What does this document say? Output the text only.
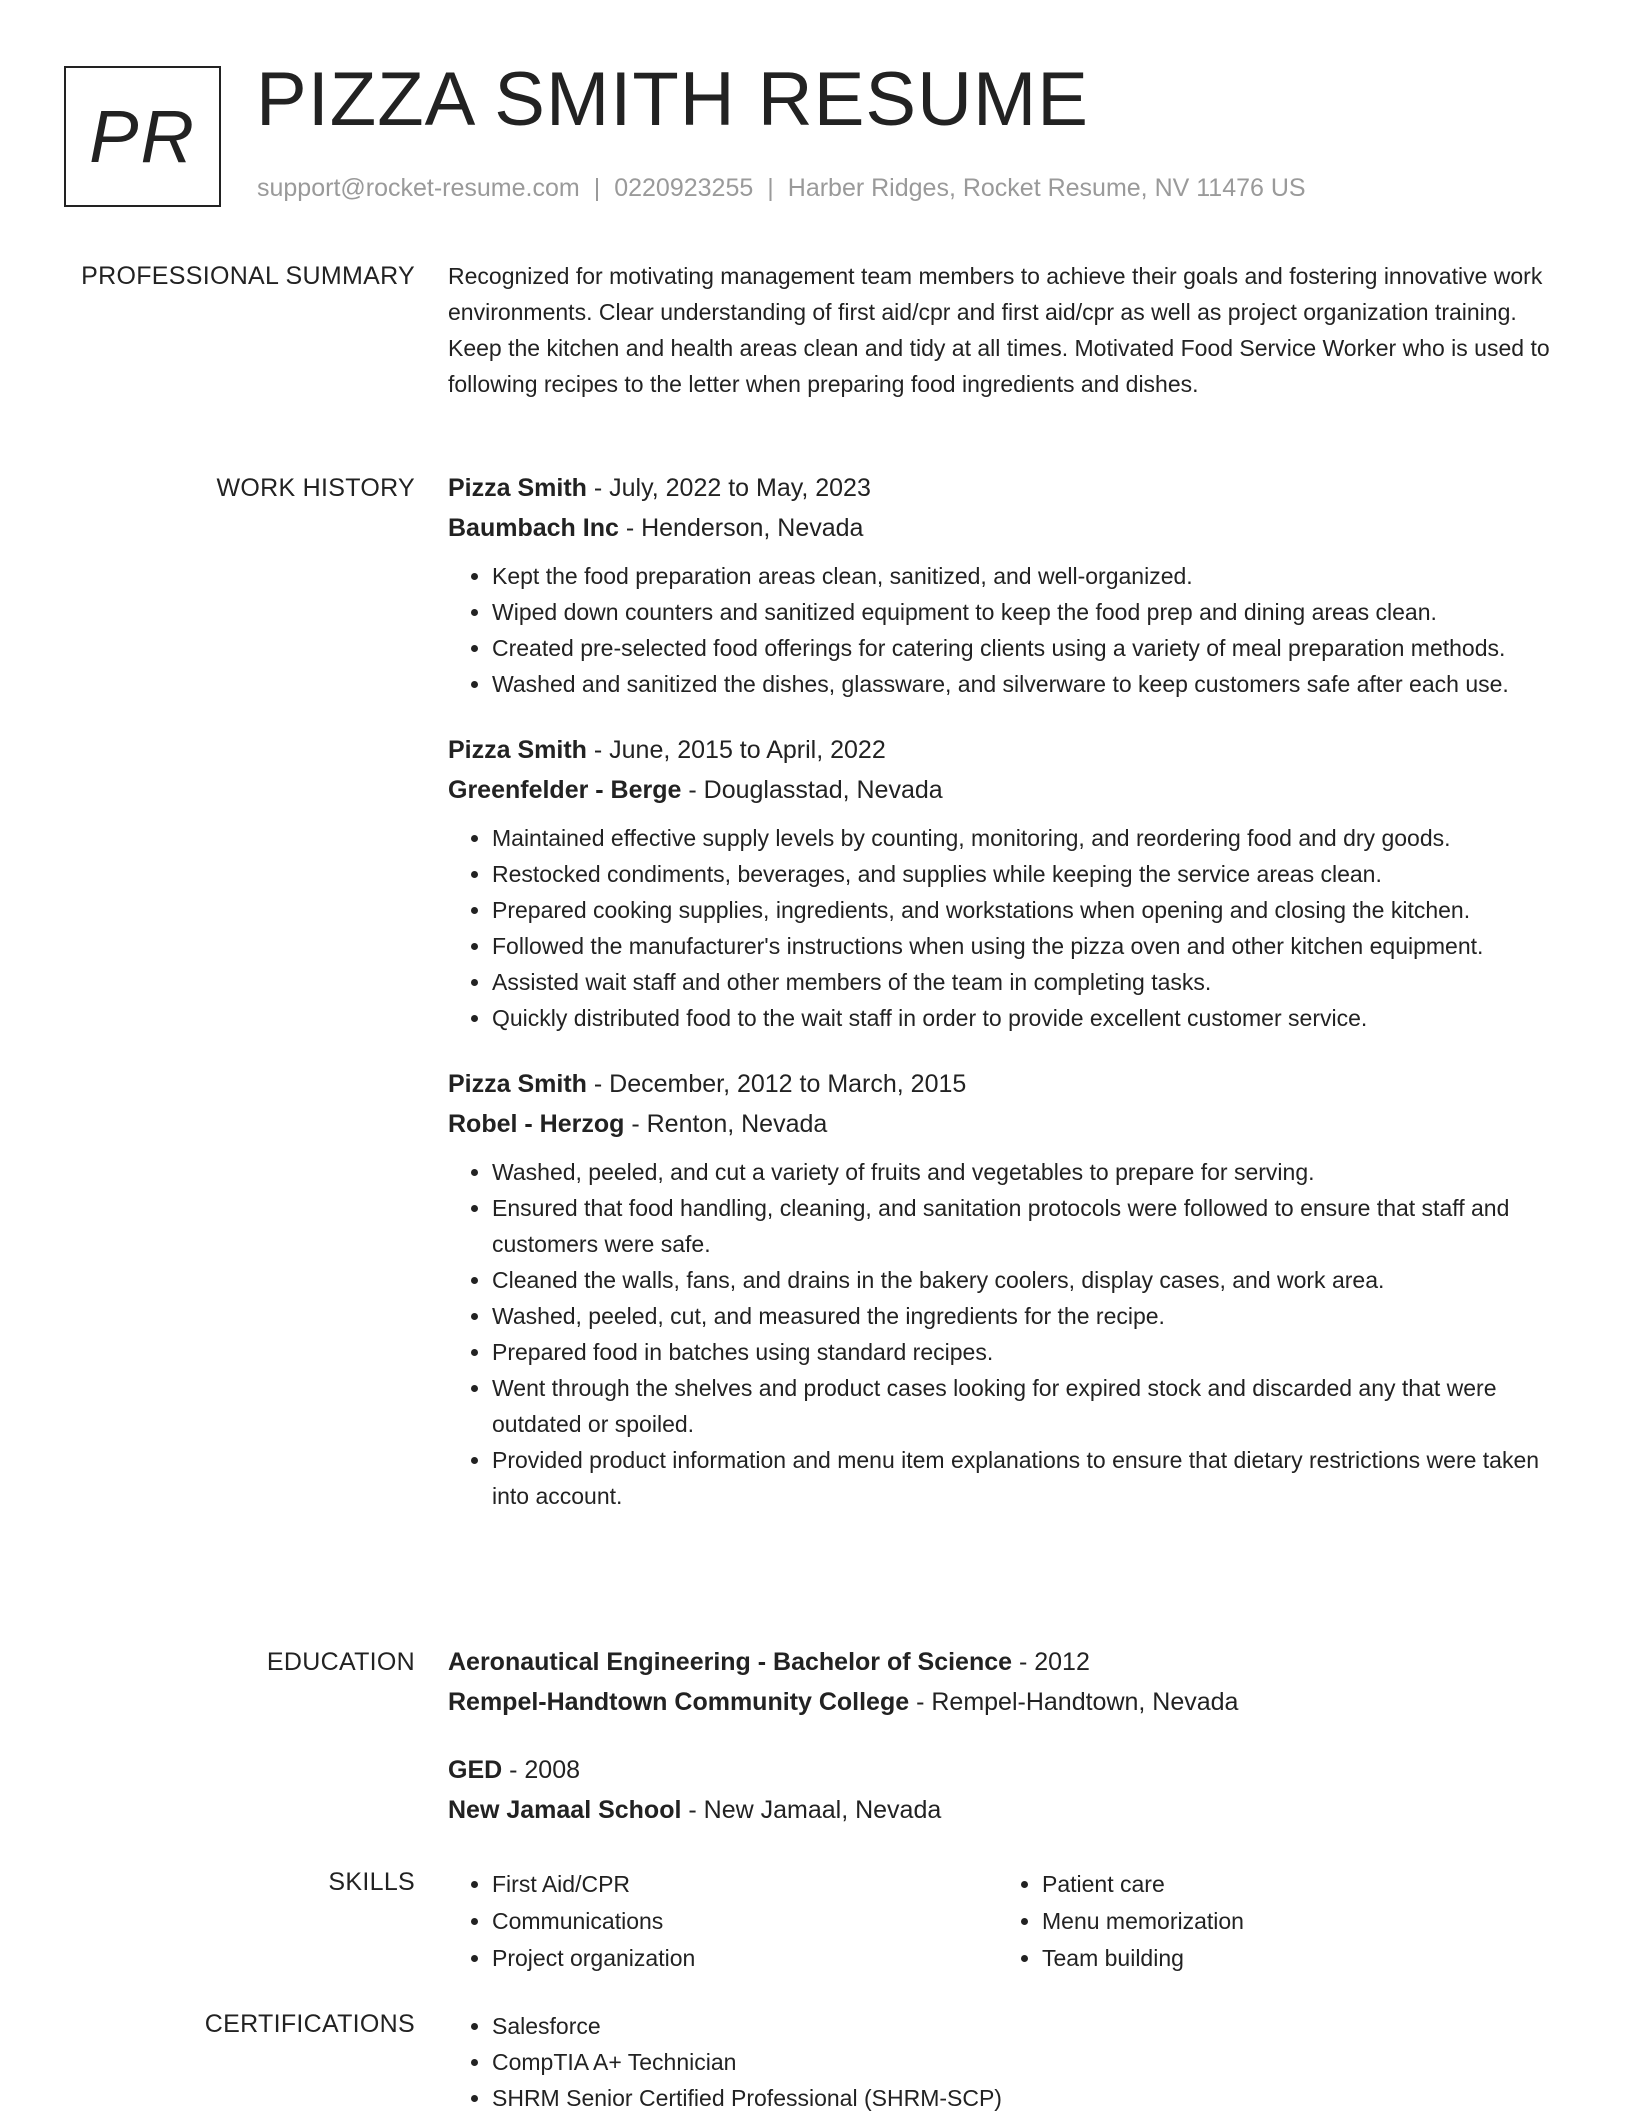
PR PIZZA SMITH RESUME
support@rocket-resume.com | 0220923255 | Harber Ridges, Rocket Resume, NV 11476 US
PROFESSIONAL SUMMARY Recognized for motivating management team members to achieve their goals and fostering innovative work environments. Clear understanding of first aid/cpr and first aid/cpr as well as project organization training. Keep the kitchen and health areas clean and tidy at all times. Motivated Food Service Worker who is used to following recipes to the letter when preparing food ingredients and dishes.

WORK HISTORY Pizza Smith - July, 2022 to May, 2023
Baumbach Inc - Henderson, Nevada
• Kept the food preparation areas clean, sanitized, and well-organized.
• Wiped down counters and sanitized equipment to keep the food prep and dining areas clean.
• Created pre-selected food offerings for catering clients using a variety of meal preparation methods.
• Washed and sanitized the dishes, glassware, and silverware to keep customers safe after each use.
Pizza Smith - June, 2015 to April, 2022
Greenfelder - Berge - Douglasstad, Nevada
• Maintained effective supply levels by counting, monitoring, and reordering food and dry goods.
• Restocked condiments, beverages, and supplies while keeping the service areas clean.
• Prepared cooking supplies, ingredients, and workstations when opening and closing the kitchen.
• Followed the manufacturer's instructions when using the pizza oven and other kitchen equipment.
• Assisted wait staff and other members of the team in completing tasks.
• Quickly distributed food to the wait staff in order to provide excellent customer service.
Pizza Smith - December, 2012 to March, 2015
Robel - Herzog - Renton, Nevada
• Washed, peeled, and cut a variety of fruits and vegetables to prepare for serving.
• Ensured that food handling, cleaning, and sanitation protocols were followed to ensure that staff and customers were safe.
• Cleaned the walls, fans, and drains in the bakery coolers, display cases, and work area.
• Washed, peeled, cut, and measured the ingredients for the recipe.
• Prepared food in batches using standard recipes.
• Went through the shelves and product cases looking for expired stock and discarded any that were outdated or spoiled.
• Provided product information and menu item explanations to ensure that dietary restrictions were taken into account.
EDUCATION Aeronautical Engineering - Bachelor of Science - 2012
Rempel-Handtown Community College - Rempel-Handtown, Nevada
GED - 2008
New Jamaal School - New Jamaal, Nevada
SKILLS	• First Aid/CPR
• Communications
• Project organization
• Patient care
• Menu memorization
• Team building
CERTIFICATIONS	• Salesforce
• CompTIA A+ Technician
• SHRM Senior Certified Professional (SHRM-SCP)
